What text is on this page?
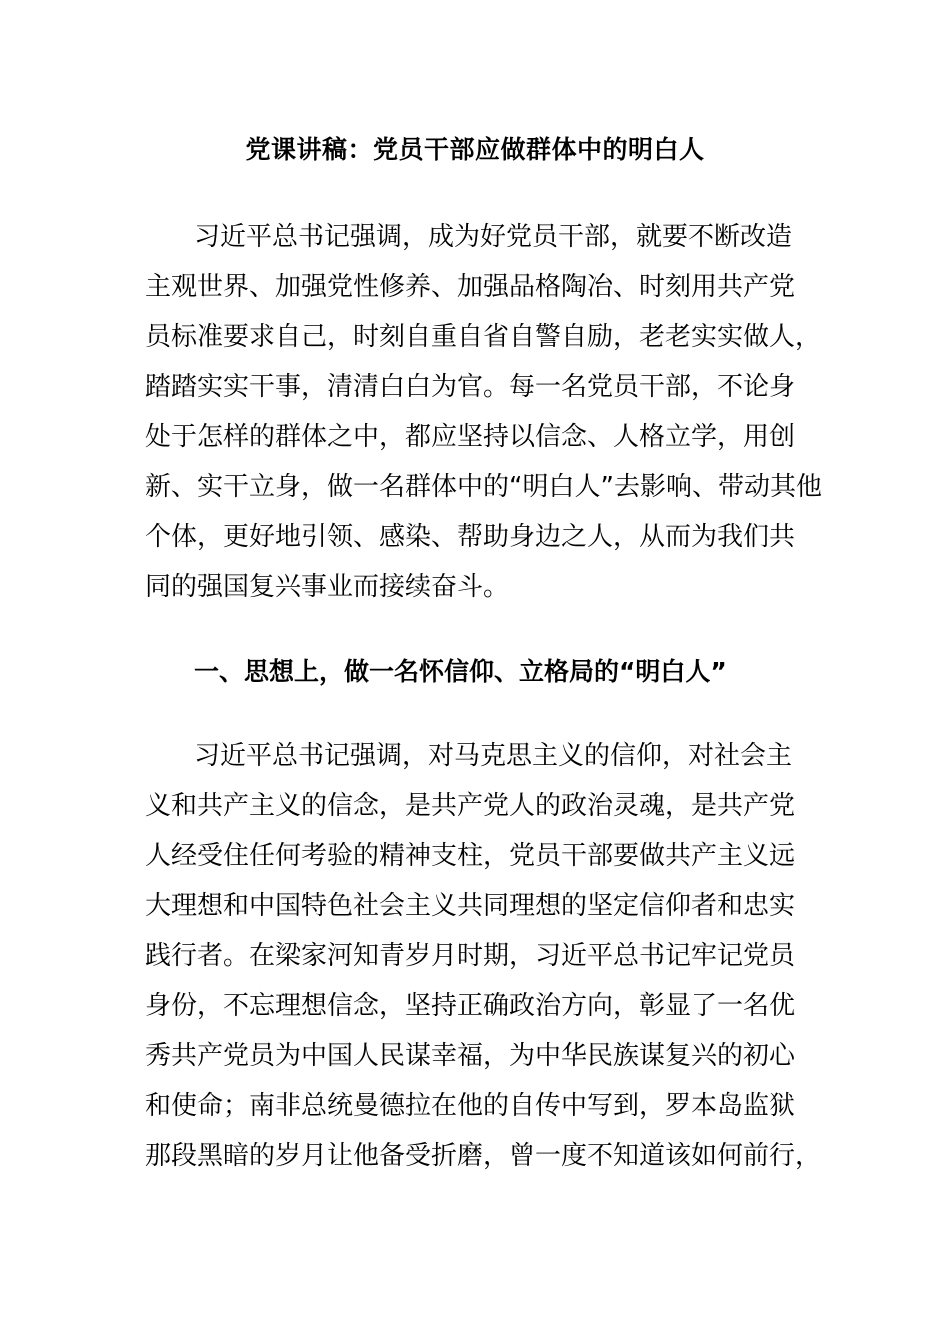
党课讲稿：党员干部应做群体中的明白人
习近平总书记强调，成为好党员干部，就要不断改造
主观世界、加强党性修养、加强品格陶冶、时刻用共产党
员标准要求自己，时刻自重自省自警自励，老老实实做人，
踏踏实实干事，清清白白为官。每一名党员干部，不论身
处于怎样的群体之中，都应坚持以信念、人格立学，用创
新、实干立身，做一名群体中的“明白人”去影响、带动其他
个体，更好地引领、感染、帮助身边之人，从而为我们共
同的强国复兴事业而接续奋斗。
一、思想上，做一名怀信仰、立格局的“明白人”
习近平总书记强调，对马克思主义的信仰，对社会主
义和共产主义的信念，是共产党人的政治灵魂，是共产党
人经受住任何考验的精神支柱，党员干部要做共产主义远
大理想和中国特色社会主义共同理想的坚定信仰者和忠实
践行者。在梁家河知青岁月时期，习近平总书记牢记党员
身份，不忘理想信念，坚持正确政治方向，彰显了一名优
秀共产党员为中国人民谋幸福，为中华民族谋复兴的初心
和使命；南非总统曼德拉在他的自传中写到，罗本岛监狱
那段黑暗的岁月让他备受折磨，曾一度不知道该如何前行，
